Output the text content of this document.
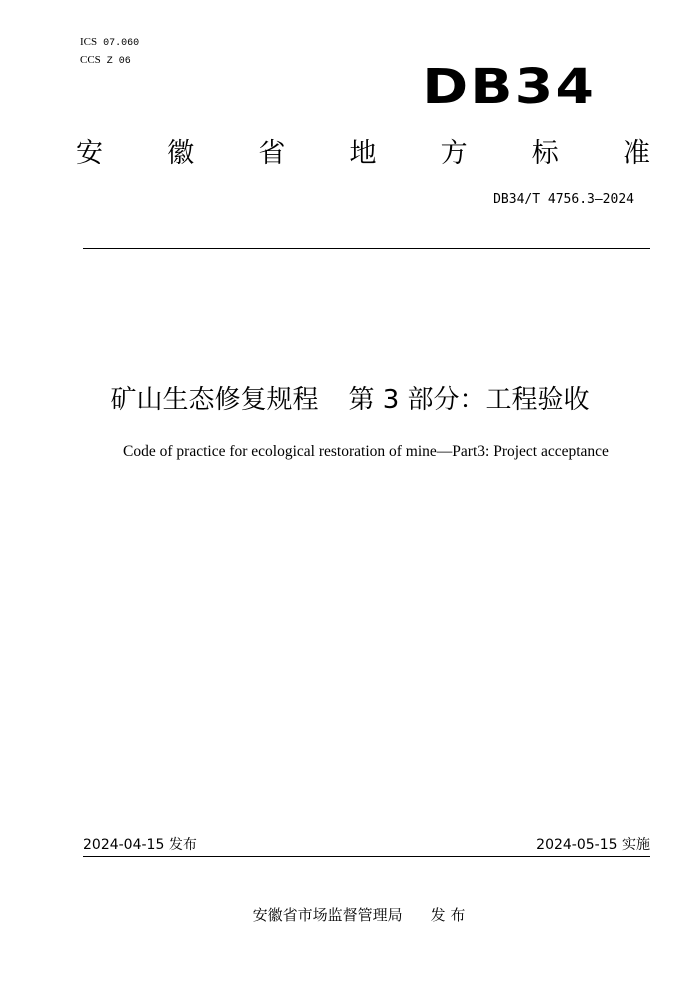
ICS 07.060
CCS Z 06	DB34
安 徽 省 地 方 标 准
DB34/T 4756.3—2024
矿山生态修复规程 第 3 部分：工程验收
Code of practice for ecological restoration of mine—Part3: Project acceptance
2024-04-15 发布	2024-05-15 实施
安徽省市场监督管理局 发 布
